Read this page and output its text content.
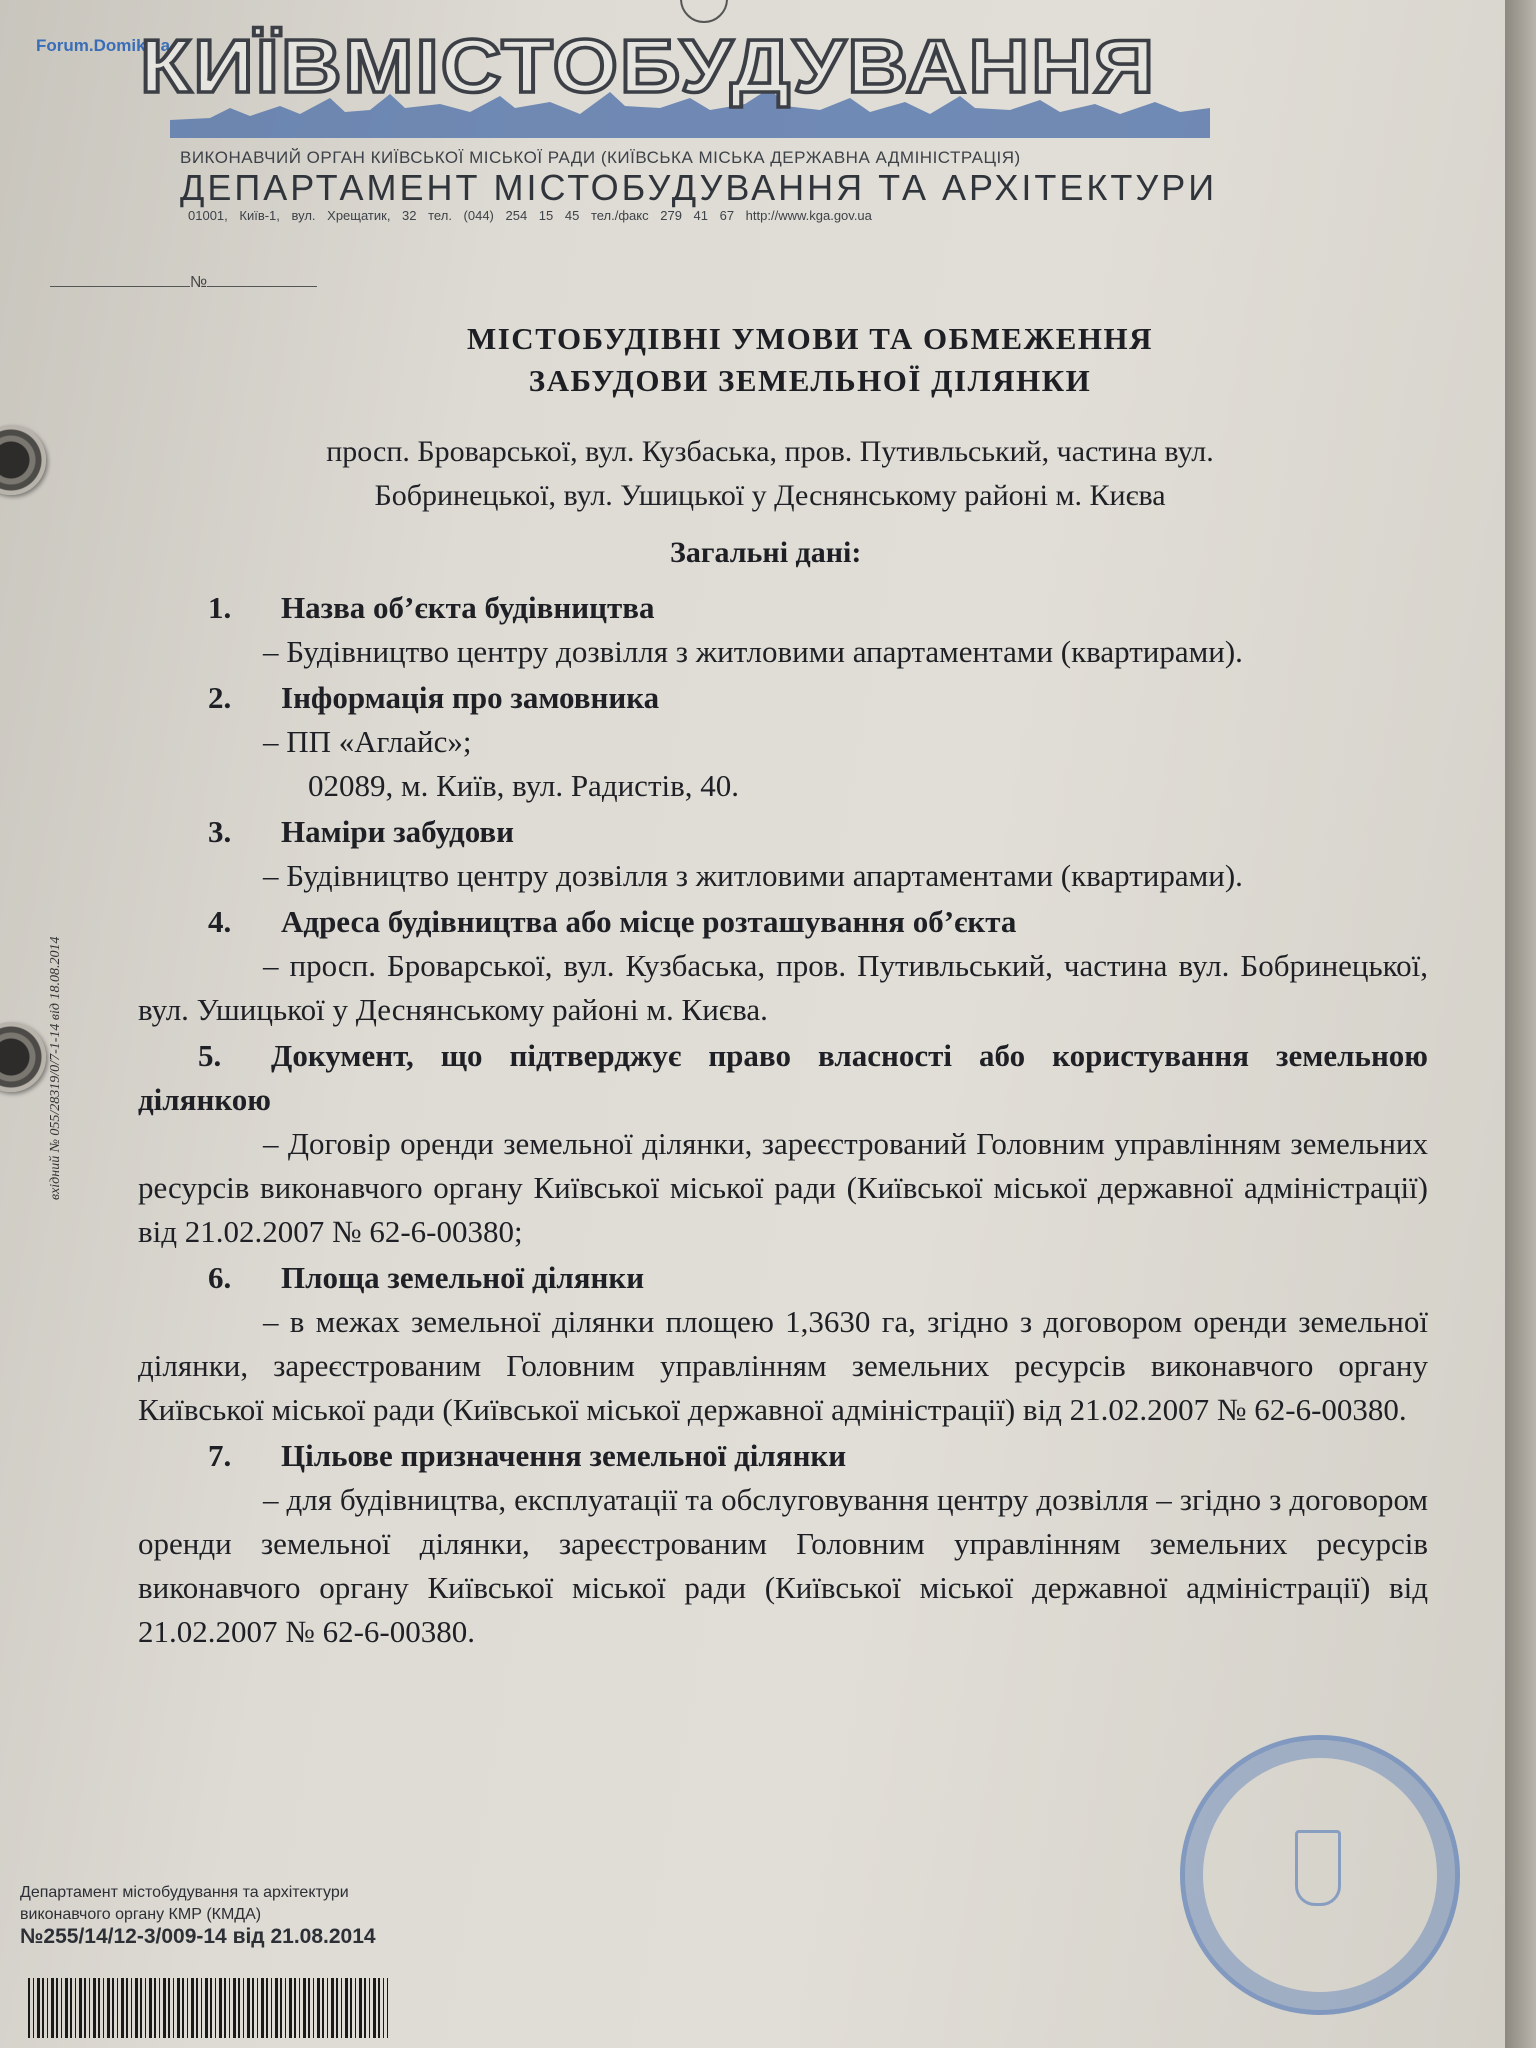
Forum.Domik.ua
КИЇВМІСТОБУДУВАННЯ
ВИКОНАВЧИЙ ОРГАН КИЇВСЬКОЇ МІСЬКОЇ РАДИ (КИЇВСЬКА МІСЬКА ДЕРЖАВНА АДМІНІСТРАЦІЯ)
ДЕПАРТАМЕНТ МІСТОБУДУВАННЯ ТА АРХІТЕКТУРИ
01001, Київ-1, вул. Хрещатик, 32 тел. (044) 254 15 45 тел./факс 279 41 67 http://www.kga.gov.ua
№
МІСТОБУДІВНІ УМОВИ ТА ОБМЕЖЕННЯ
ЗАБУДОВИ ЗЕМЕЛЬНОЇ ДІЛЯНКИ
просп. Броварської, вул. Кузбаська, пров. Путивльський, частина вул.
Бобринецької, вул. Ушицької у Деснянському районі м. Києва
Загальні дані:
1. Назва об’єкта будівництва
– Будівництво центру дозвілля з житловими апартаментами (квартирами).
2. Інформація про замовника
– ПП «Аглайс»;
02089, м. Київ, вул. Радистів, 40.
3. Наміри забудови
– Будівництво центру дозвілля з житловими апартаментами (квартирами).
4. Адреса будівництва або місце розташування об’єкта
– просп. Броварської, вул. Кузбаська, пров. Путивльський, частина вул. Бобринецької, вул. Ушицької у Деснянському районі м. Києва.
5. Документ, що підтверджує право власності або користування земельною ділянкою
– Договір оренди земельної ділянки, зареєстрований Головним управлінням земельних ресурсів виконавчого органу Київської міської ради (Київської міської державної адміністрації) від 21.02.2007 № 62-6-00380;
6. Площа земельної ділянки
– в межах земельної ділянки площею 1,3630 га, згідно з договором оренди земельної ділянки, зареєстрованим Головним управлінням земельних ресурсів виконавчого органу Київської міської ради (Київської міської державної адміністрації) від 21.02.2007 № 62-6-00380.
7. Цільове призначення земельної ділянки
– для будівництва, експлуатації та обслуговування центру дозвілля – згідно з договором оренди земельної ділянки, зареєстрованим Головним управлінням земельних ресурсів виконавчого органу Київської міської ради (Київської міської державної адміністрації) від 21.02.2007 № 62-6-00380.
вхідний № 055/28319/0/7-1-14 від 18.08.2014
Департамент містобудування та архітектури
виконавчого органу КМР (КМДА)
№255/14/12-3/009-14 від 21.08.2014
